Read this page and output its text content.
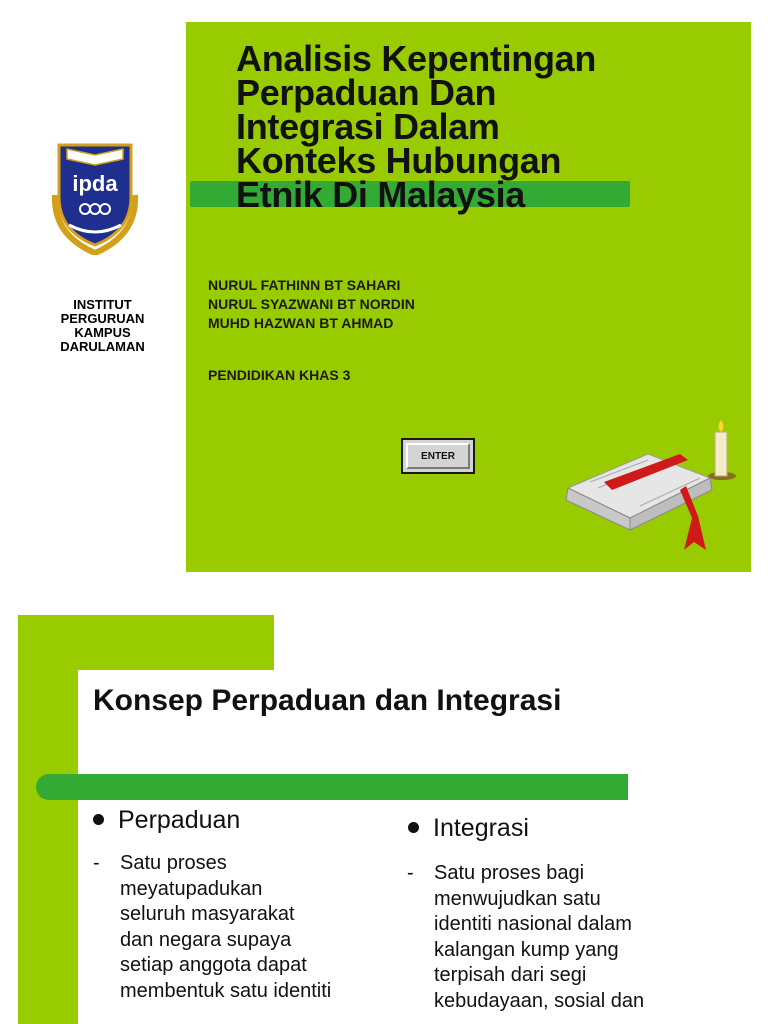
ipda
INSTITUT
PERGURUAN
KAMPUS
DARULAMAN
Analisis Kepentingan
Perpaduan Dan
Integrasi Dalam
Konteks Hubungan
Etnik Di Malaysia
NURUL FATHINN BT SAHARI
NURUL SYAZWANI BT NORDIN
MUHD HAZWAN BT AHMAD
PENDIDIKAN KHAS 3
ENTER
Konsep Perpaduan dan Integrasi
Perpaduan
- Satu proses
meyatupadukan
seluruh masyarakat
dan negara supaya
setiap anggota dapat
membentuk satu identiti
Integrasi
- Satu proses bagi
menwujudkan satu
identiti nasional dalam
kalangan kump yang
terpisah dari segi
kebudayaan, sosial dan
